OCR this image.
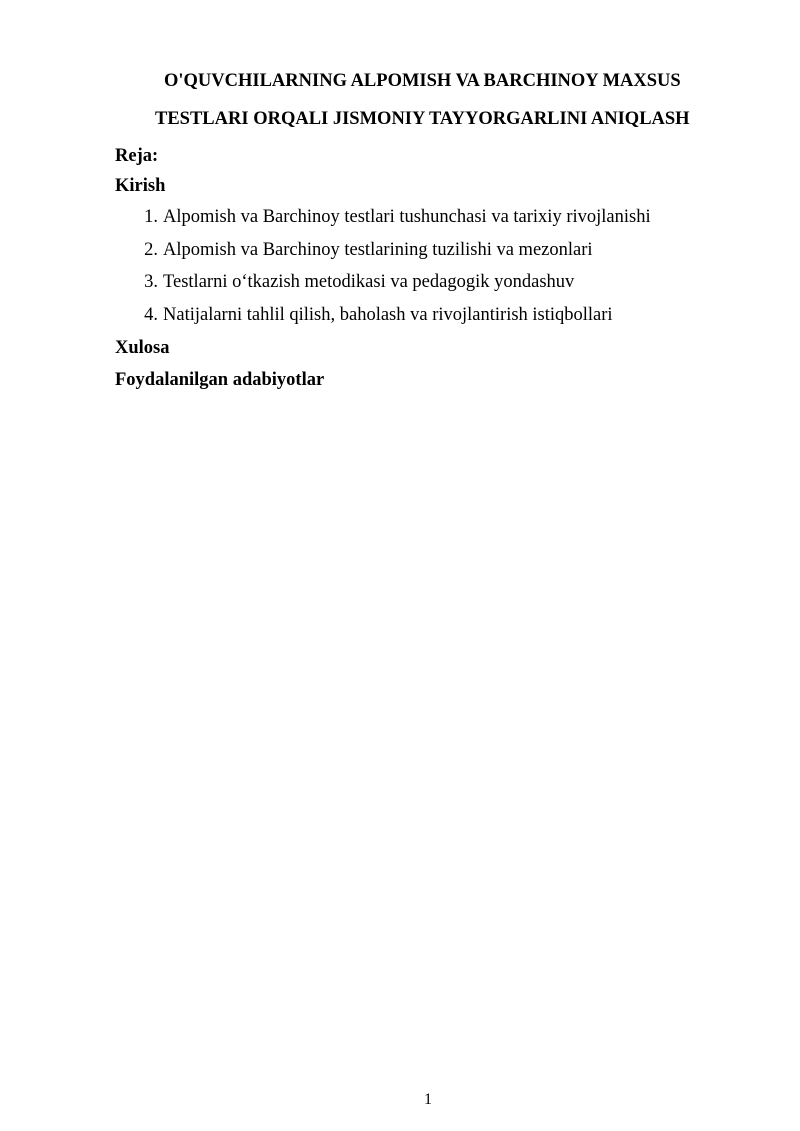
O'QUVCHILARNING ALPOMISH VA BARCHINOY MAXSUS
TESTLARI ORQALI JISMONIY TAYYORGARLINI ANIQLASH
Reja:
Kirish
1. Alpomish va Barchinoy testlari tushunchasi va tarixiy rivojlanishi
2. Alpomish va Barchinoy testlarining tuzilishi va mezonlari
3. Testlarni o‘tkazish metodikasi va pedagogik yondashuv
4. Natijalarni tahlil qilish, baholash va rivojlantirish istiqbollari
Xulosa
Foydalanilgan adabiyotlar
1
